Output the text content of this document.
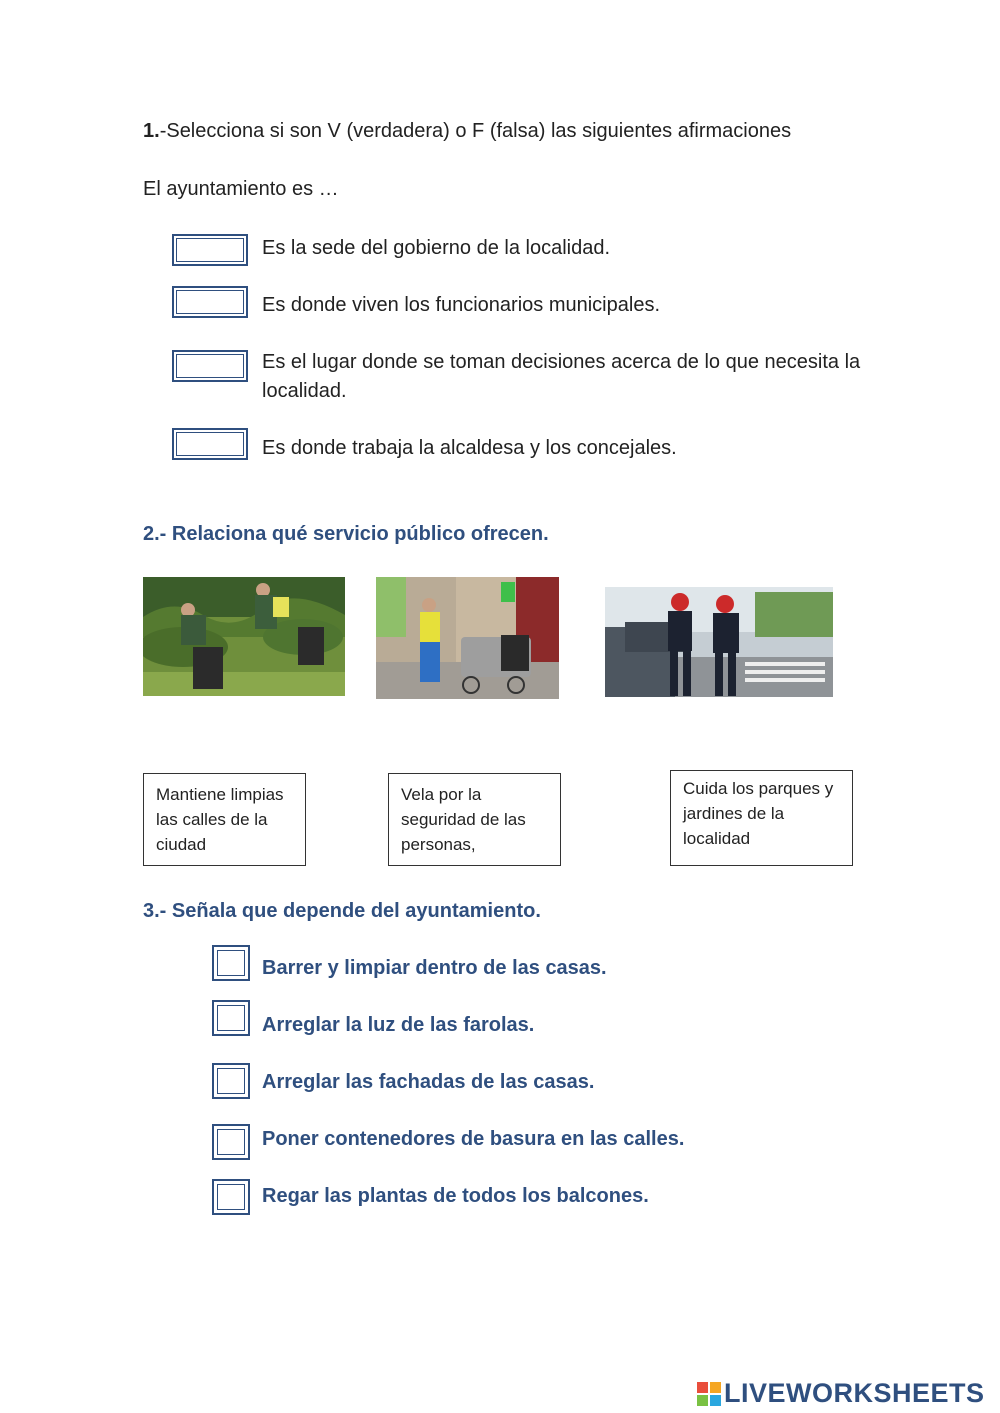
1.-Selecciona si son V (verdadera) o F (falsa) las siguientes afirmaciones
El ayuntamiento es …
Es la sede del gobierno de la localidad.
Es donde viven los funcionarios municipales.
Es el lugar donde se toman decisiones acerca de lo que necesita la localidad.
Es donde trabaja la alcaldesa y los concejales.
2.- Relaciona qué servicio público ofrecen.
Mantiene limpias las calles de la ciudad
Vela por la seguridad de las personas,
Cuida los parques y jardines de la localidad
3.- Señala que depende del ayuntamiento.
Barrer y limpiar dentro de las casas.
Arreglar la luz de las farolas.
Arreglar las fachadas de las casas.
Poner contenedores de basura en las calles.
Regar las plantas de todos los balcones.
LIVEWORKSHEETS
